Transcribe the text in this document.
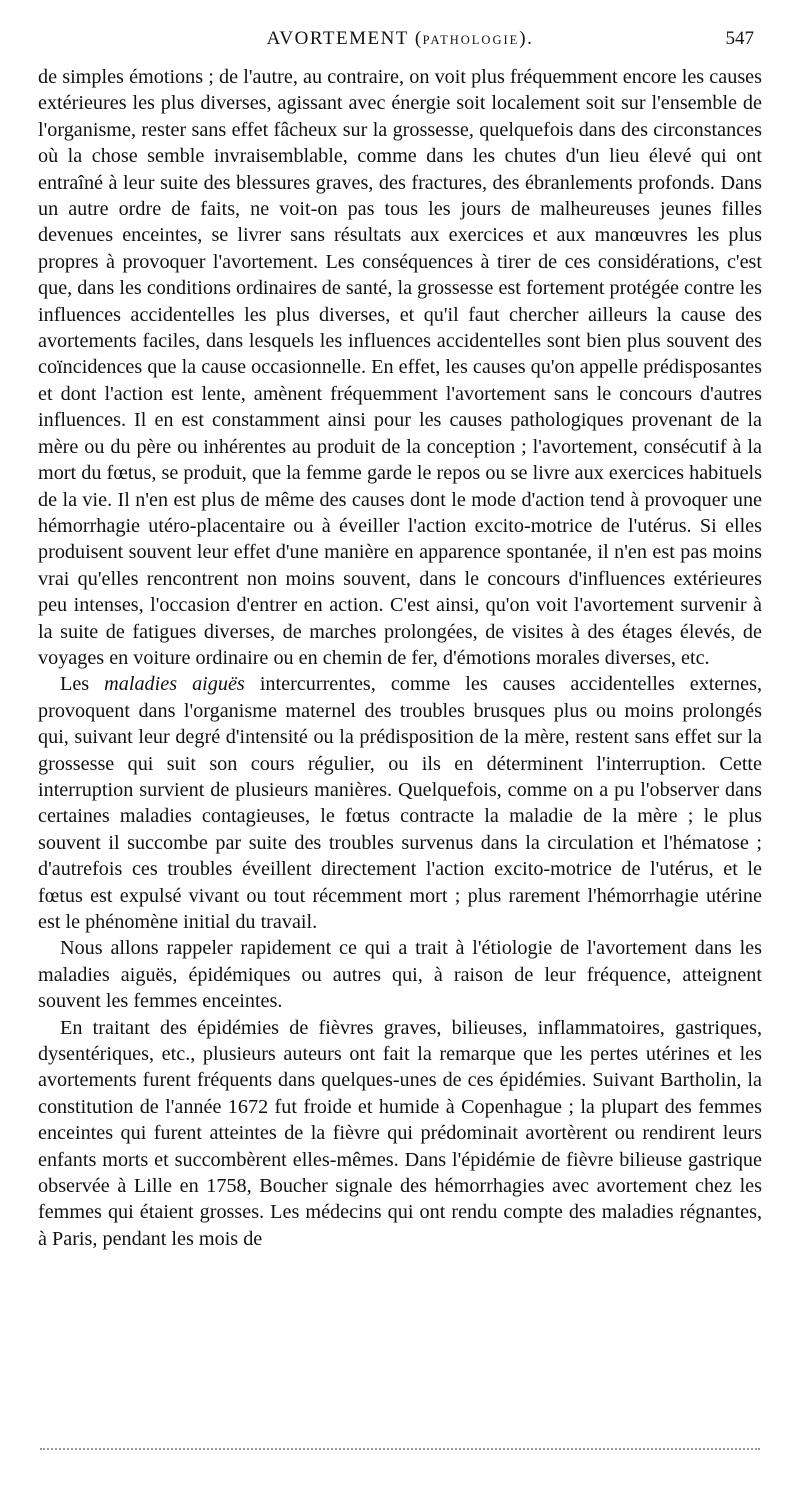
AVORTEMENT (PATHOLOGIE).	547

de simples émotions ; de l'autre, au contraire, on voit plus fréquemment encore les causes extérieures les plus diverses, agissant avec énergie soit localement soit sur l'ensemble de l'organisme, rester sans effet fâcheux sur la grossesse, quelquefois dans des circonstances où la chose semble invraisemblable, comme dans les chutes d'un lieu élevé qui ont entraîné à leur suite des blessures graves, des fractures, des ébranlements profonds. Dans un autre ordre de faits, ne voit-on pas tous les jours de malheureuses jeunes filles devenues enceintes, se livrer sans résultats aux exercices et aux manœuvres les plus propres à provoquer l'avortement. Les conséquences à tirer de ces considérations, c'est que, dans les conditions ordinaires de santé, la grossesse est fortement protégée contre les influences accidentelles les plus diverses, et qu'il faut chercher ailleurs la cause des avortements faciles, dans lesquels les influences accidentelles sont bien plus souvent des coïncidences que la cause occasionnelle. En effet, les causes qu'on appelle prédisposantes et dont l'action est lente, amènent fréquemment l'avortement sans le concours d'autres influences. Il en est constamment ainsi pour les causes pathologiques provenant de la mère ou du père ou inhérentes au produit de la conception ; l'avortement, consécutif à la mort du fœtus, se produit, que la femme garde le repos ou se livre aux exercices habituels de la vie. Il n'en est plus de même des causes dont le mode d'action tend à provoquer une hémorrhagie utéro-placentaire ou à éveiller l'action excito-motrice de l'utérus. Si elles produisent souvent leur effet d'une manière en apparence spontanée, il n'en est pas moins vrai qu'elles rencontrent non moins souvent, dans le concours d'influences extérieures peu intenses, l'occasion d'entrer en action. C'est ainsi, qu'on voit l'avortement survenir à la suite de fatigues diverses, de marches prolongées, de visites à des étages élevés, de voyages en voiture ordinaire ou en chemin de fer, d'émotions morales diverses, etc.

Les maladies aiguës intercurrentes, comme les causes accidentelles externes, provoquent dans l'organisme maternel des troubles brusques plus ou moins prolongés qui, suivant leur degré d'intensité ou la prédisposition de la mère, restent sans effet sur la grossesse qui suit son cours régulier, ou ils en déterminent l'interruption. Cette interruption survient de plusieurs manières. Quelquefois, comme on a pu l'observer dans certaines maladies contagieuses, le fœtus contracte la maladie de la mère ; le plus souvent il succombe par suite des troubles survenus dans la circulation et l'hématose ; d'autrefois ces troubles éveillent directement l'action excito-motrice de l'utérus, et le fœtus est expulsé vivant ou tout récemment mort ; plus rarement l'hémorrhagie utérine est le phénomène initial du travail.

Nous allons rappeler rapidement ce qui a trait à l'étiologie de l'avortement dans les maladies aiguës, épidémiques ou autres qui, à raison de leur fréquence, atteignent souvent les femmes enceintes.

En traitant des épidémies de fièvres graves, bilieuses, inflammatoires, gastriques, dysentériques, etc., plusieurs auteurs ont fait la remarque que les pertes utérines et les avortements furent fréquents dans quelques-unes de ces épidémies. Suivant Bartholin, la constitution de l'année 1672 fut froide et humide à Copenhague ; la plupart des femmes enceintes qui furent atteintes de la fièvre qui prédominait avortèrent ou rendirent leurs enfants morts et succombèrent elles-mêmes. Dans l'épidémie de fièvre bilieuse gastrique observée à Lille en 1758, Boucher signale des hémorrhagies avec avortement chez les femmes qui étaient grosses. Les médecins qui ont rendu compte des maladies régnantes, à Paris, pendant les mois de
